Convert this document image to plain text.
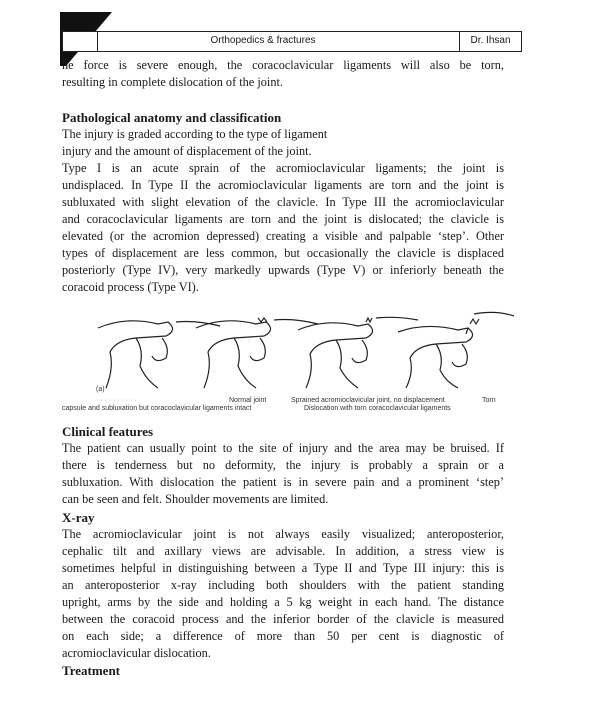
Orthopedics & fractures	Dr. Ihsan
he force is severe enough, the coracoclavicular ligaments will also be torn,
resulting in complete dislocation of the joint.
Pathological anatomy and classification
The injury is graded according to the type of ligament
injury and the amount of displacement of the joint.
Type I is an acute sprain of the acromioclavicular ligaments; the joint is
undisplaced. In Type II the acromioclavicular ligaments are torn and the joint is
subluxated with slight elevation of the clavicle. In Type III the acromioclavicular
and coracoclavicular ligaments are torn and the joint is dislocated; the clavicle is
elevated (or the acromion depressed) creating a visible and palpable ‘step’. Other
types of displacement are less common, but occasionally the clavicle is displaced
posteriorly (Type IV), very markedly upwards (Type V) or inferiorly beneath the
coracoid process (Type VI).
(a)
· · · · · · · · · ·	Normal joint	Sprained acromioclavicular joint, no displacement	Torn
capsule and subluxation but coracoclavicular ligaments intact	Dislocation with torn coracoclavicular ligaments
Clinical features
The patient can usually point to the site of injury and the area may be bruised. If
there is tenderness but no deformity, the injury is probably a sprain or a
subluxation. With dislocation the patient is in severe pain and a prominent ‘step’
can be seen and felt. Shoulder movements are limited.
X-ray
The acromioclavicular joint is not always easily visualized; anteroposterior,
cephalic tilt and axillary views are advisable. In addition, a stress view is
sometimes helpful in distinguishing between a Type II and Type III injury: this is
an anteroposterior x-ray including both shoulders with the patient standing
upright, arms by the side and holding a 5 kg weight in each hand. The distance
between the coracoid process and the inferior border of the clavicle is measured
on each side; a difference of more than 50 per cent is diagnostic of
acromioclavicular dislocation.
Treatment
